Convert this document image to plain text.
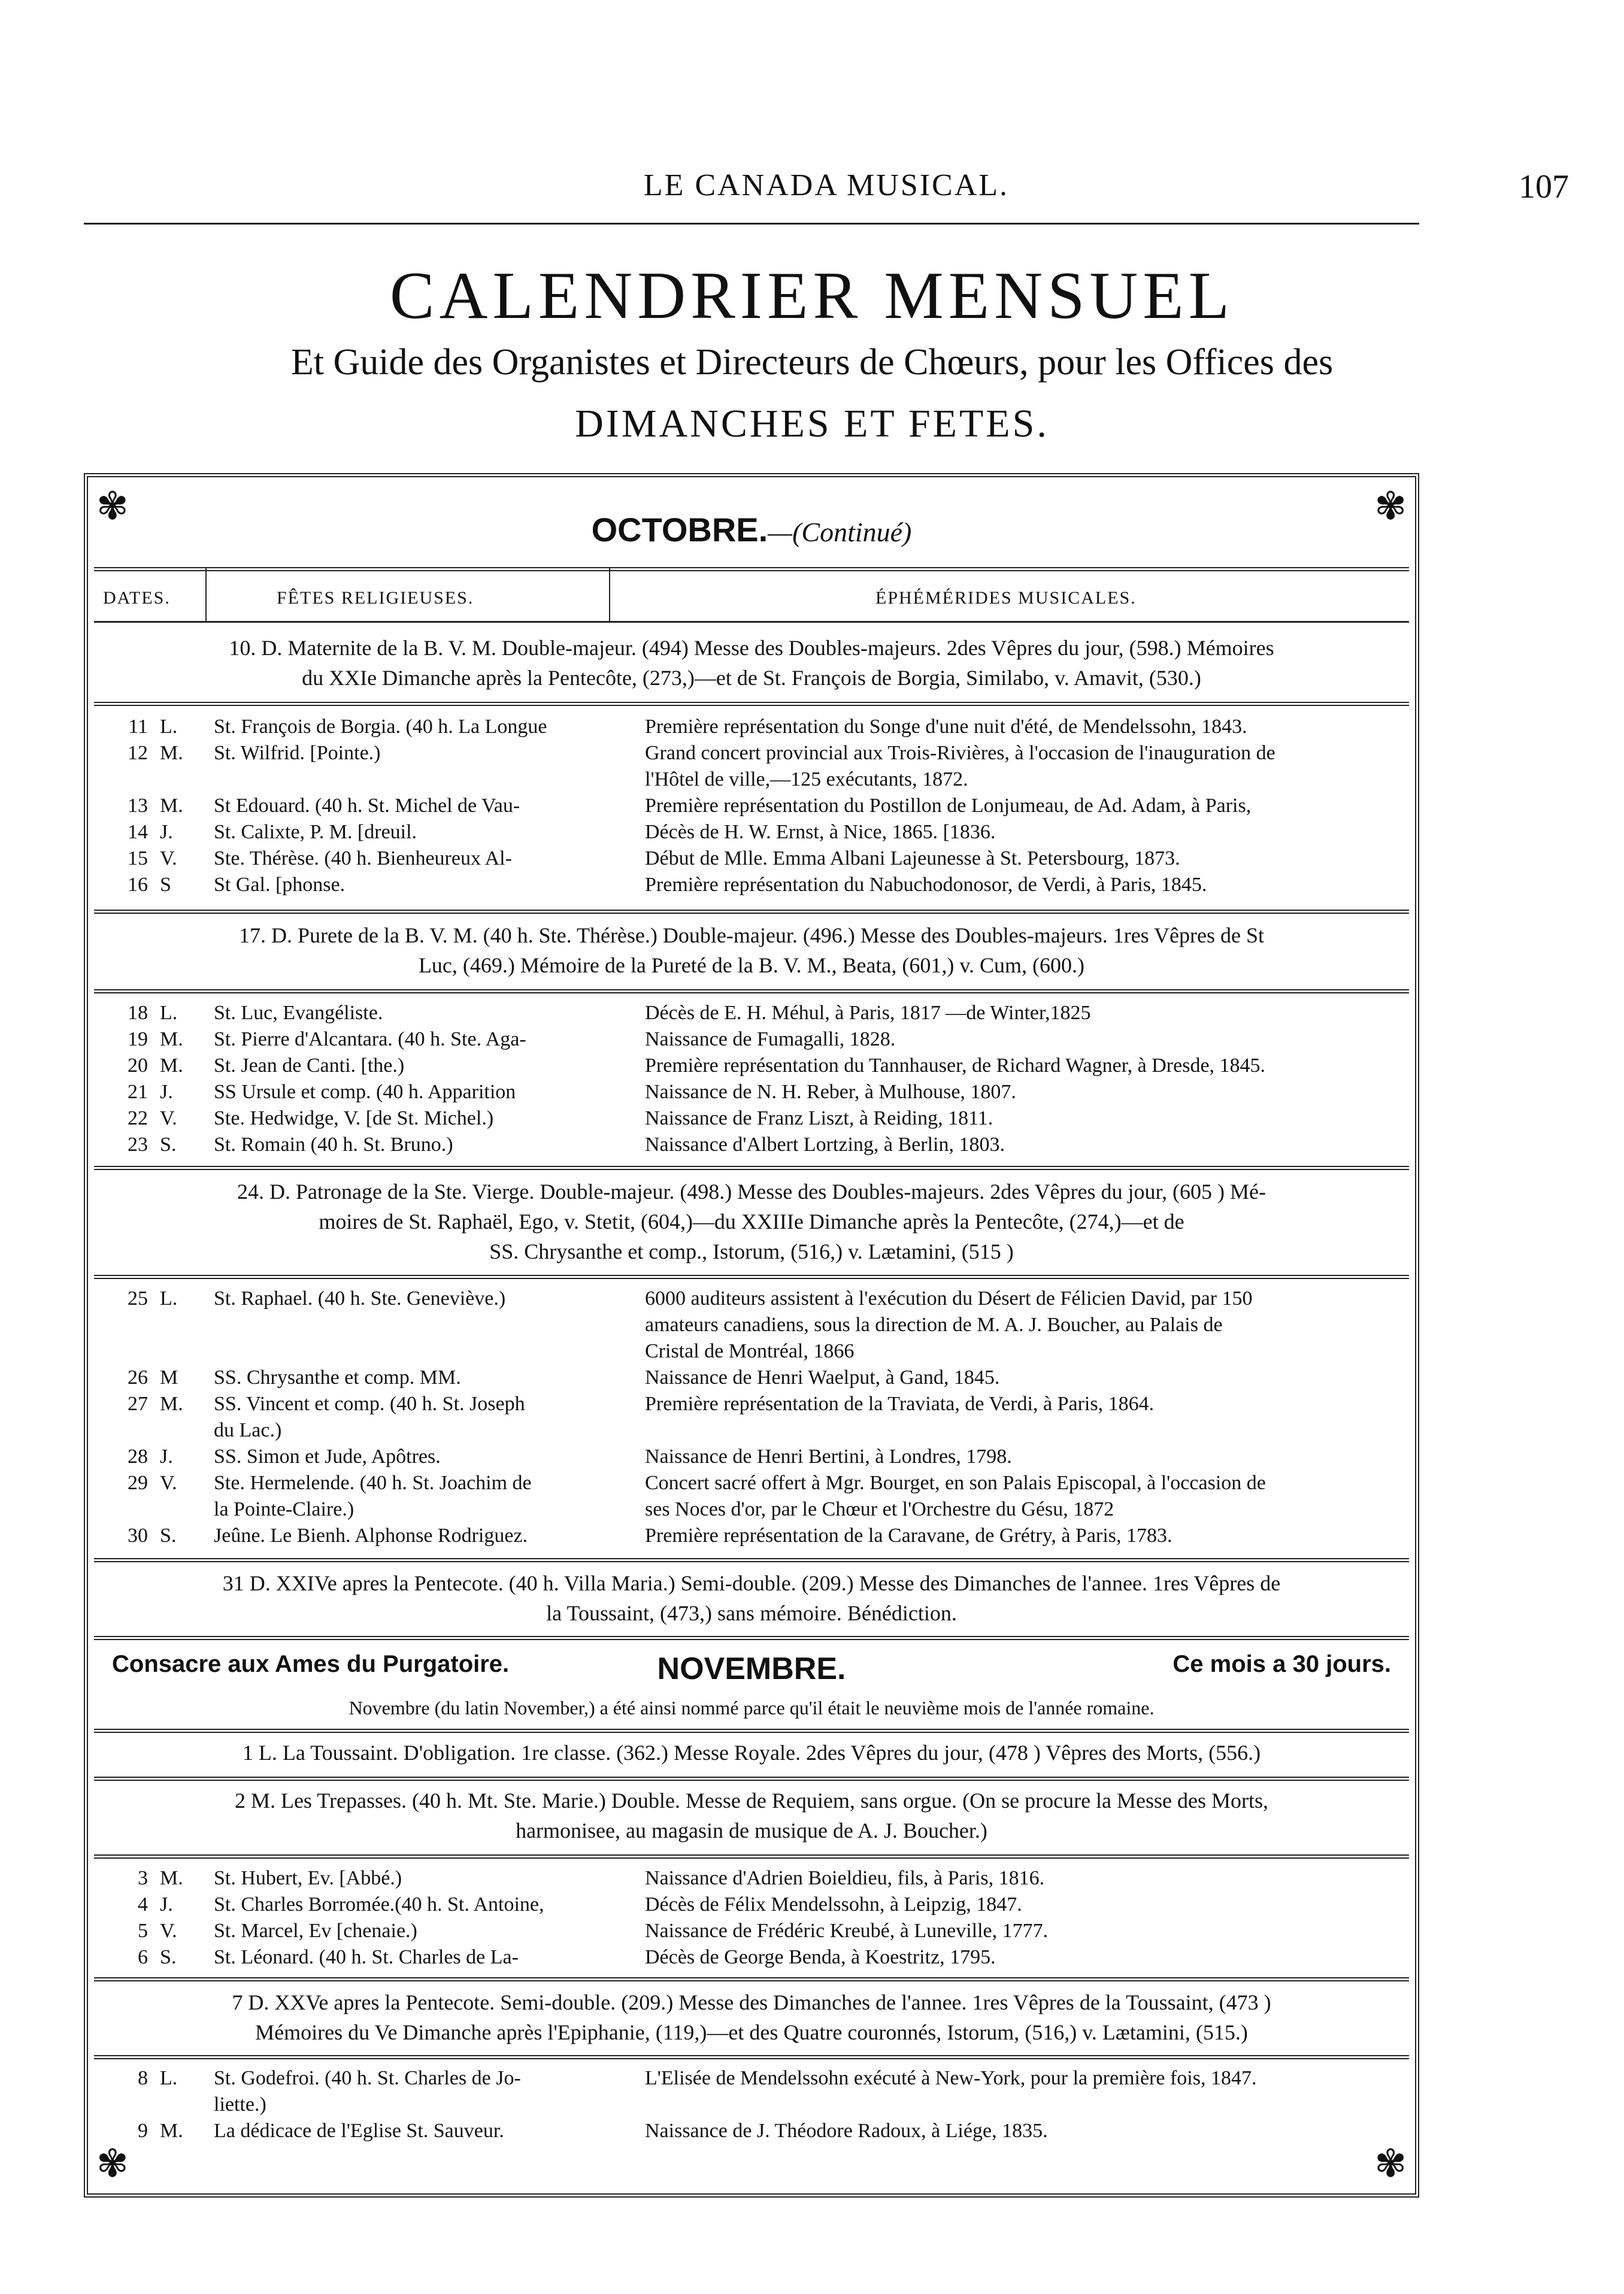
LE CANADA MUSICAL.	107
CALENDRIER MENSUEL
Et Guide des Organistes et Directeurs de Chœurs, pour les Offices des
DIMANCHES ET FETES.
✾	✾
OCTOBRE.—(Continué)
DATES.	FÊTES RELIGIEUSES.	ÉPHÉMÉRIDES MUSICALES.
10. D. Maternite de la B. V. M. Double-majeur. (494) Messe des Doubles-majeurs. 2des Vêpres du jour, (598.) Mémoires
du XXIe Dimanche après la Pentecôte, (273,)—et de St. François de Borgia, Similabo, v. Amavit, (530.)
11 L. St. François de Borgia. (40 h. La Longue	Première représentation du Songe d'une nuit d'été, de Mendelssohn, 1843.
12 M. St. Wilfrid. [Pointe.)	Grand concert provincial aux Trois-Rivières, à l'occasion de l'inauguration de
l'Hôtel de ville,—125 exécutants, 1872.
13 M. St Edouard. (40 h. St. Michel de Vau-	Première représentation du Postillon de Lonjumeau, de Ad. Adam, à Paris,
14 J. St. Calixte, P. M. [dreuil.	Décès de H. W. Ernst, à Nice, 1865. [1836.
15 V. Ste. Thérèse. (40 h. Bienheureux Al-	Début de Mlle. Emma Albani Lajeunesse à St. Petersbourg, 1873.
16 S St Gal. [phonse.	Première représentation du Nabuchodonosor, de Verdi, à Paris, 1845.
17. D. Purete de la B. V. M. (40 h. Ste. Thérèse.) Double-majeur. (496.) Messe des Doubles-majeurs. 1res Vêpres de St
Luc, (469.) Mémoire de la Pureté de la B. V. M., Beata, (601,) v. Cum, (600.)
18 L. St. Luc, Evangéliste.	Décès de E. H. Méhul, à Paris, 1817 —de Winter,1825
19 M. St. Pierre d'Alcantara. (40 h. Ste. Aga-	Naissance de Fumagalli, 1828.
20 M. St. Jean de Canti. [the.)	Première représentation du Tannhauser, de Richard Wagner, à Dresde, 1845.
21 J. SS Ursule et comp. (40 h. Apparition	Naissance de N. H. Reber, à Mulhouse, 1807.
22 V. Ste. Hedwidge, V. [de St. Michel.)	Naissance de Franz Liszt, à Reiding, 1811.
23 S. St. Romain (40 h. St. Bruno.)	Naissance d'Albert Lortzing, à Berlin, 1803.
24. D. Patronage de la Ste. Vierge. Double-majeur. (498.) Messe des Doubles-majeurs. 2des Vêpres du jour, (605 ) Mé-
moires de St. Raphaël, Ego, v. Stetit, (604,)—du XXIIIe Dimanche après la Pentecôte, (274,)—et de
SS. Chrysanthe et comp., Istorum, (516,) v. Lætamini, (515 )
25 L. St. Raphael. (40 h. Ste. Geneviève.)	6000 auditeurs assistent à l'exécution du Désert de Félicien David, par 150
amateurs canadiens, sous la direction de M. A. J. Boucher, au Palais de
Cristal de Montréal, 1866
26 M SS. Chrysanthe et comp. MM.	Naissance de Henri Waelput, à Gand, 1845.
27 M. SS. Vincent et comp. (40 h. St. Joseph	Première représentation de la Traviata, de Verdi, à Paris, 1864.
du Lac.)
28 J. SS. Simon et Jude, Apôtres.	Naissance de Henri Bertini, à Londres, 1798.
29 V. Ste. Hermelende. (40 h. St. Joachim de	Concert sacré offert à Mgr. Bourget, en son Palais Episcopal, à l'occasion de
la Pointe-Claire.)	ses Noces d'or, par le Chœur et l'Orchestre du Gésu, 1872
30 S. Jeûne. Le Bienh. Alphonse Rodriguez.	Première représentation de la Caravane, de Grétry, à Paris, 1783.
31 D. XXIVe apres la Pentecote. (40 h. Villa Maria.) Semi-double. (209.) Messe des Dimanches de l'annee. 1res Vêpres de
la Toussaint, (473,) sans mémoire. Bénédiction.
Consacre aux Ames du Purgatoire.	NOVEMBRE.	Ce mois a 30 jours.
Novembre (du latin November,) a été ainsi nommé parce qu'il était le neuvième mois de l'année romaine.
1 L. La Toussaint. D'obligation. 1re classe. (362.) Messe Royale. 2des Vêpres du jour, (478 ) Vêpres des Morts, (556.)
2 M. Les Trepasses. (40 h. Mt. Ste. Marie.) Double. Messe de Requiem, sans orgue. (On se procure la Messe des Morts,
harmonisee, au magasin de musique de A. J. Boucher.)
3 M. St. Hubert, Ev. [Abbé.)	Naissance d'Adrien Boieldieu, fils, à Paris, 1816.
4 J. St. Charles Borromée.(40 h. St. Antoine,	Décès de Félix Mendelssohn, à Leipzig, 1847.
5 V. St. Marcel, Ev [chenaie.)	Naissance de Frédéric Kreubé, à Luneville, 1777.
6 S. St. Léonard. (40 h. St. Charles de La-	Décès de George Benda, à Koestritz, 1795.
7 D. XXVe apres la Pentecote. Semi-double. (209.) Messe des Dimanches de l'annee. 1res Vêpres de la Toussaint, (473 )
Mémoires du Ve Dimanche après l'Epiphanie, (119,)—et des Quatre couronnés, Istorum, (516,) v. Lætamini, (515.)
8 L. St. Godefroi. (40 h. St. Charles de Jo-	L'Elisée de Mendelssohn exécuté à New-York, pour la première fois, 1847.
liette.)
9 M. La dédicace de l'Eglise St. Sauveur.	Naissance de J. Théodore Radoux, à Liége, 1835.
✾	✾
